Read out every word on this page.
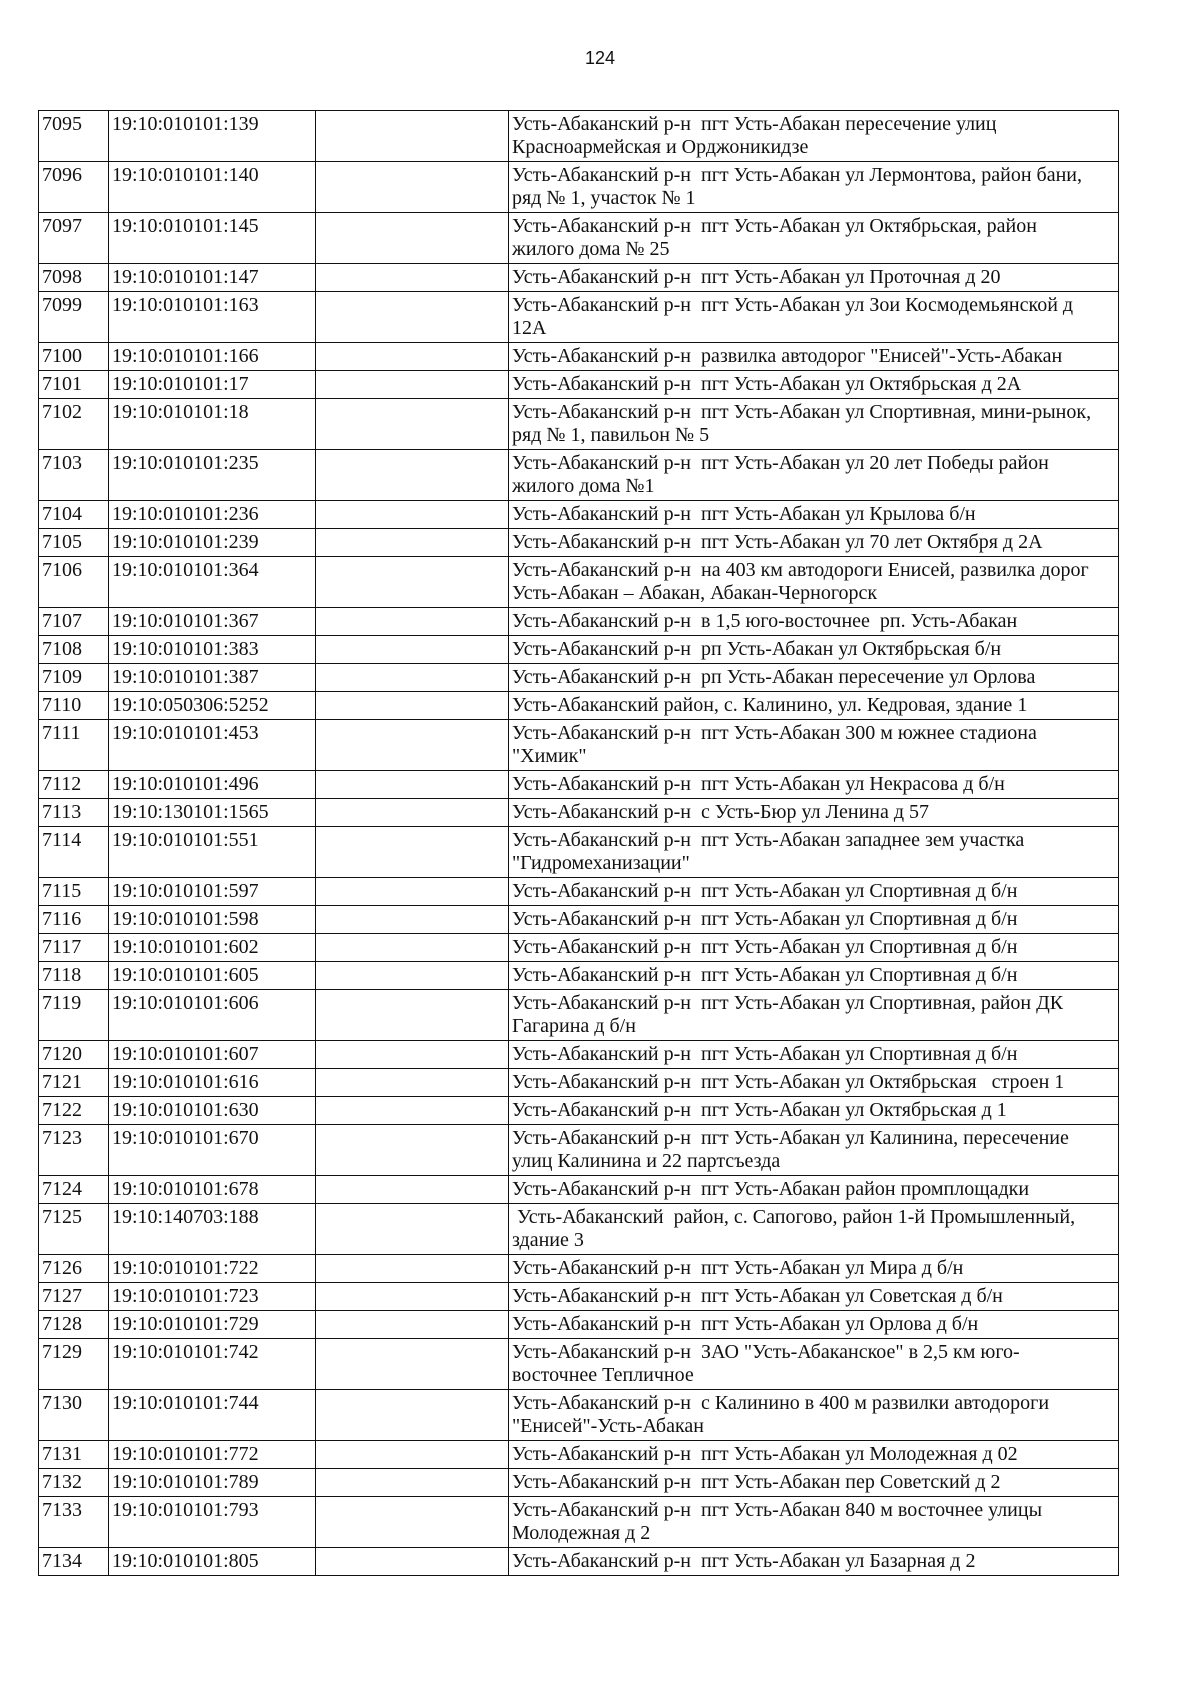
124
7095	19:10:010101:139		Усть-Абаканский р-н  пгт Усть-Абакан пересечение улиц
Красноармейская и Орджоникидзе

7096	19:10:010101:140		Усть-Абаканский р-н  пгт Усть-Абакан ул Лермонтова, район бани,
ряд № 1, участок № 1

7097	19:10:010101:145		Усть-Абаканский р-н  пгт Усть-Абакан ул Октябрьская, район
жилого дома № 25

7098	19:10:010101:147		Усть-Абаканский р-н  пгт Усть-Абакан ул Проточная д 20

7099	19:10:010101:163		Усть-Абаканский р-н  пгт Усть-Абакан ул Зои Космодемьянской д
12А

7100	19:10:010101:166		Усть-Абаканский р-н  развилка автодорог "Енисей"-Усть-Абакан

7101	19:10:010101:17		Усть-Абаканский р-н  пгт Усть-Абакан ул Октябрьская д 2А

7102	19:10:010101:18		Усть-Абаканский р-н  пгт Усть-Абакан ул Спортивная, мини-рынок,
ряд № 1, павильон № 5

7103	19:10:010101:235		Усть-Абаканский р-н  пгт Усть-Абакан ул 20 лет Победы район
жилого дома №1

7104	19:10:010101:236		Усть-Абаканский р-н  пгт Усть-Абакан ул Крылова б/н

7105	19:10:010101:239		Усть-Абаканский р-н  пгт Усть-Абакан ул 70 лет Октября д 2А

7106	19:10:010101:364		Усть-Абаканский р-н  на 403 км автодороги Енисей, развилка дорог
Усть-Абакан – Абакан, Абакан-Черногорск

7107	19:10:010101:367		Усть-Абаканский р-н  в 1,5 юго-восточнее  рп. Усть-Абакан

7108	19:10:010101:383		Усть-Абаканский р-н  рп Усть-Абакан ул Октябрьская б/н

7109	19:10:010101:387		Усть-Абаканский р-н  рп Усть-Абакан пересечение ул Орлова

7110	19:10:050306:5252		Усть-Абаканский район, с. Калинино, ул. Кедровая, здание 1

7111	19:10:010101:453		Усть-Абаканский р-н  пгт Усть-Абакан 300 м южнее стадиона
"Химик"

7112	19:10:010101:496		Усть-Абаканский р-н  пгт Усть-Абакан ул Некрасова д б/н

7113	19:10:130101:1565		Усть-Абаканский р-н  с Усть-Бюр ул Ленина д 57

7114	19:10:010101:551		Усть-Абаканский р-н  пгт Усть-Абакан западнее зем участка
"Гидромеханизации"

7115	19:10:010101:597		Усть-Абаканский р-н  пгт Усть-Абакан ул Спортивная д б/н

7116	19:10:010101:598		Усть-Абаканский р-н  пгт Усть-Абакан ул Спортивная д б/н

7117	19:10:010101:602		Усть-Абаканский р-н  пгт Усть-Абакан ул Спортивная д б/н

7118	19:10:010101:605		Усть-Абаканский р-н  пгт Усть-Абакан ул Спортивная д б/н

7119	19:10:010101:606		Усть-Абаканский р-н  пгт Усть-Абакан ул Спортивная, район ДК
Гагарина д б/н

7120	19:10:010101:607		Усть-Абаканский р-н  пгт Усть-Абакан ул Спортивная д б/н

7121	19:10:010101:616		Усть-Абаканский р-н  пгт Усть-Абакан ул Октябрьская   строен 1

7122	19:10:010101:630		Усть-Абаканский р-н  пгт Усть-Абакан ул Октябрьская д 1

7123	19:10:010101:670		Усть-Абаканский р-н  пгт Усть-Абакан ул Калинина, пересечение
улиц Калинина и 22 партсъезда

7124	19:10:010101:678		Усть-Абаканский р-н  пгт Усть-Абакан район промплощадки

7125	19:10:140703:188		Усть-Абаканский  район, с. Сапогово, район 1-й Промышленный,
здание 3

7126	19:10:010101:722		Усть-Абаканский р-н  пгт Усть-Абакан ул Мира д б/н

7127	19:10:010101:723		Усть-Абаканский р-н  пгт Усть-Абакан ул Советская д б/н

7128	19:10:010101:729		Усть-Абаканский р-н  пгт Усть-Абакан ул Орлова д б/н

7129	19:10:010101:742		Усть-Абаканский р-н  ЗАО "Усть-Абаканское" в 2,5 км юго-
восточнее Тепличное

7130	19:10:010101:744		Усть-Абаканский р-н  с Калинино в 400 м развилки автодороги
"Енисей"-Усть-Абакан

7131	19:10:010101:772		Усть-Абаканский р-н  пгт Усть-Абакан ул Молодежная д 02

7132	19:10:010101:789		Усть-Абаканский р-н  пгт Усть-Абакан пер Советский д 2

7133	19:10:010101:793		Усть-Абаканский р-н  пгт Усть-Абакан 840 м восточнее улицы
Молодежная д 2

7134	19:10:010101:805		Усть-Абаканский р-н  пгт Усть-Абакан ул Базарная д 2
